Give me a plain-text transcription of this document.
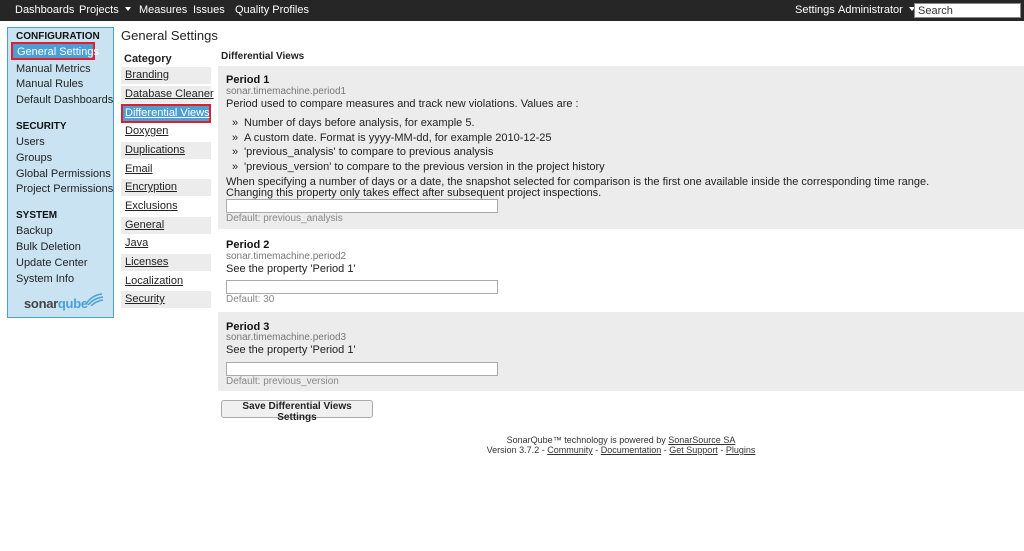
Dashboards Projects	Measures Issues Quality Profiles	Settings Administrator
Search
CONFIGURATION
General Settings
Manual Metrics
Manual Rules
Default Dashboards
SECURITY
Users
Groups
Global Permissions
Project Permissions
SYSTEM
Backup
Bulk Deletion
Update Center
System Info
sonarqube
General Settings
Category
Branding
Database Cleaner
Differential Views
Doxygen
Duplications
Email
Encryption
Exclusions
General
Java
Licenses
Localization
Security
Differential Views
Period 1
sonar.timemachine.period1
Period used to compare measures and track new violations. Values are :
» Number of days before analysis, for example 5.
» A custom date. Format is yyyy-MM-dd, for example 2010-12-25
» 'previous_analysis' to compare to previous analysis
» 'previous_version' to compare to the previous version in the project history
When specifying a number of days or a date, the snapshot selected for comparison is the first one available inside the corresponding time range.
Changing this property only takes effect after subsequent project inspections.
Default: previous_analysis
Period 2
sonar.timemachine.period2
See the property 'Period 1'
Default: 30
Period 3
sonar.timemachine.period3
See the property 'Period 1'
Default: previous_version
Save Differential Views Settings
SonarQube™ technology is powered by SonarSource SA
Version 3.7.2 - Community - Documentation - Get Support - Plugins
